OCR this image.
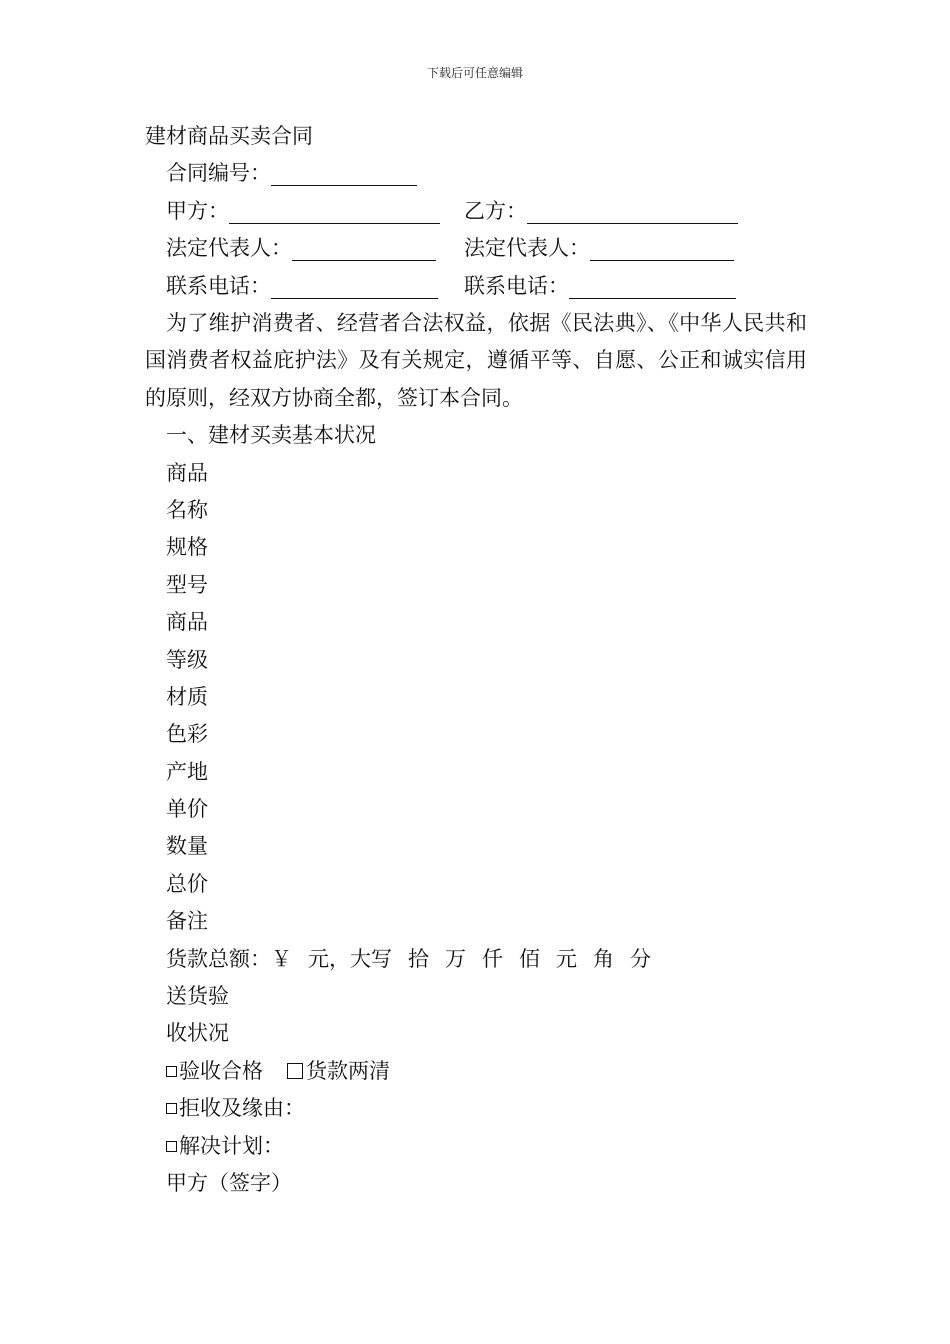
下载后可任意编辑
建材商品买卖合同
合同编号：
甲方：	乙方：
法定代表人：	法定代表人：
联系电话：	联系电话：
为了维护消费者、经营者合法权益，依据《民法典》、《中华人民共和国消费者权益庇护法》及有关规定，遵循平等、自愿、公正和诚实信用的原则，经双方协商全都，签订本合同。
一、建材买卖基本状况
商品
名称
规格
型号
商品
等级
材质
色彩
产地
单价
数量
总价
备注
货款总额：￥ 元，大写 拾 万 仟 佰 元 角 分
送货验
收状况
验收合格 货款两清
拒收及缘由：
解决计划：
甲方（签字）
